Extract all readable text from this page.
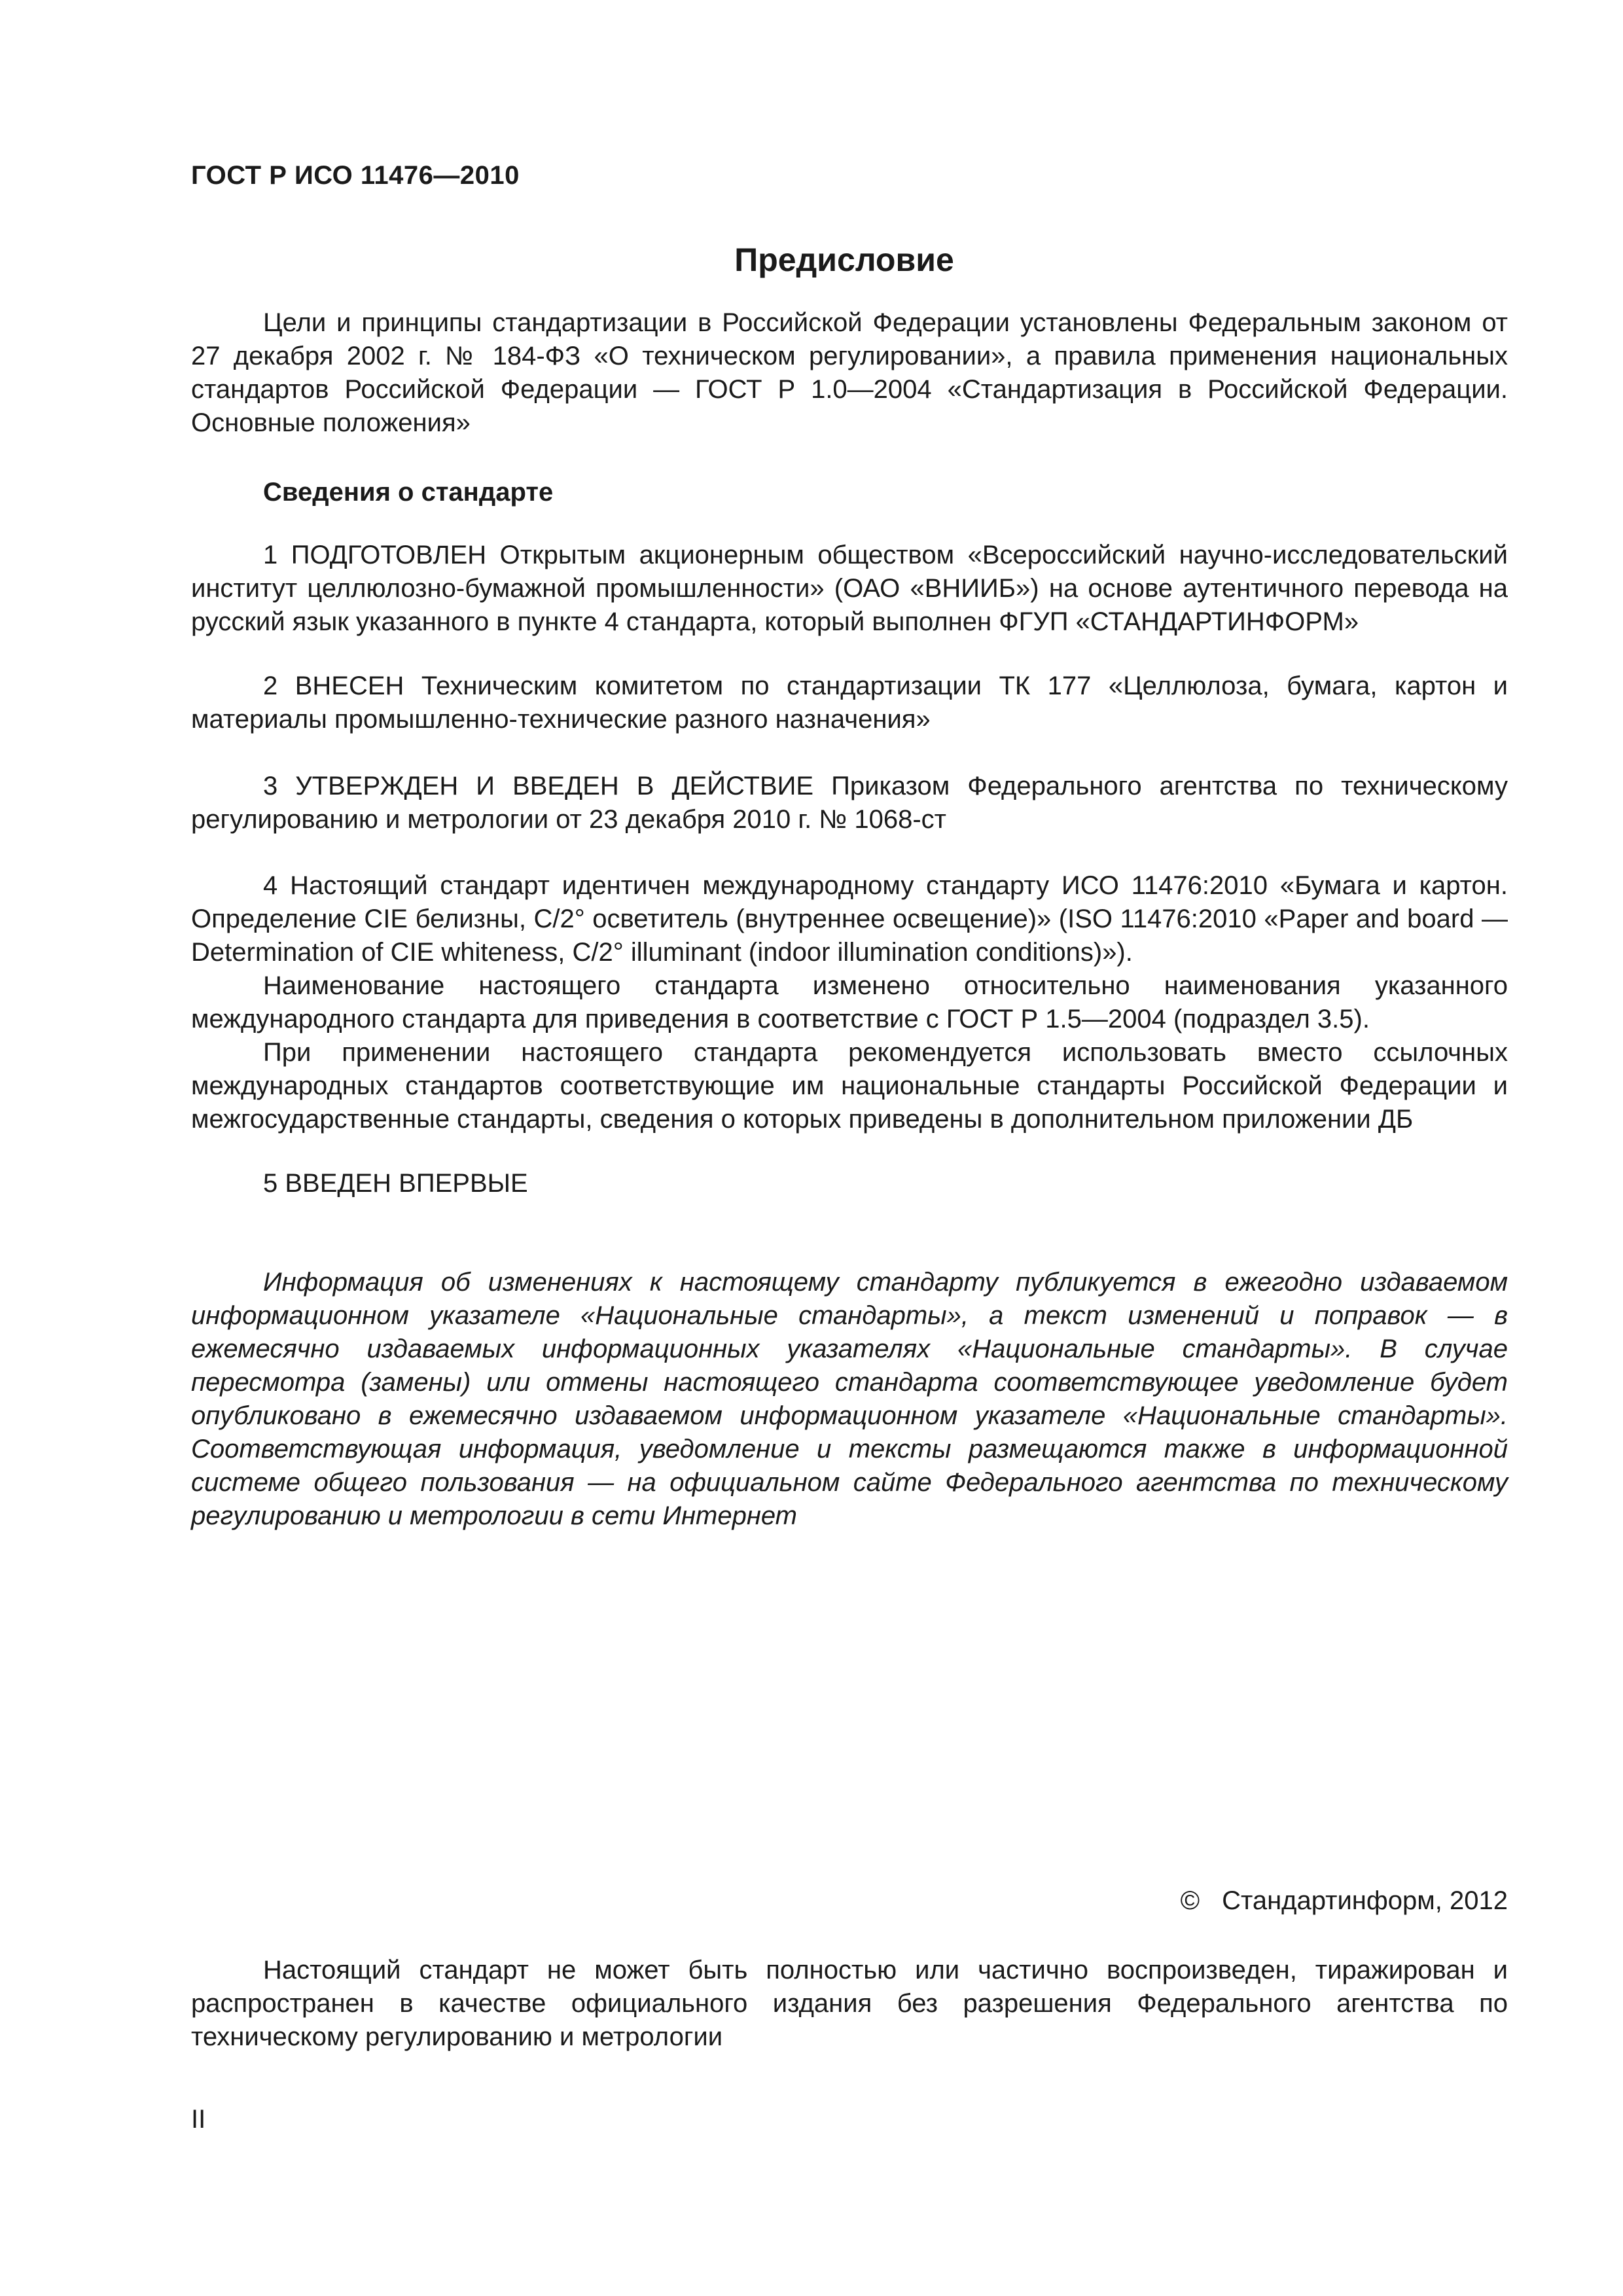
ГОСТ Р ИСО 11476—2010
Предисловие

Цели и принципы стандартизации в Российской Федерации установлены Федеральным законом от 27 декабря 2002 г. № 184-ФЗ «О техническом регулировании», а правила применения национальных стандартов Российской Федерации — ГОСТ Р 1.0—2004 «Стандартизация в Российской Федерации. Основные положения»

Сведения о стандарте

1 ПОДГОТОВЛЕН Открытым акционерным обществом «Всероссийский научно-исследовательский институт целлюлозно-бумажной промышленности» (ОАО «ВНИИБ») на основе аутентичного перевода на русский язык указанного в пункте 4 стандарта, который выполнен ФГУП «СТАНДАРТИНФОРМ»

2 ВНЕСЕН Техническим комитетом по стандартизации ТК 177 «Целлюлоза, бумага, картон и материалы промышленно-технические разного назначения»

3 УТВЕРЖДЕН И ВВЕДЕН В ДЕЙСТВИЕ Приказом Федерального агентства по техническому регулированию и метрологии от 23 декабря 2010 г. № 1068-ст

4 Настоящий стандарт идентичен международному стандарту ИСО 11476:2010 «Бумага и картон. Определение CIE белизны, C/2° осветитель (внутреннее освещение)» (ISO 11476:2010 «Paper and board — Determination of CIE whiteness, C/2° illuminant (indoor illumination conditions)»).

Наименование настоящего стандарта изменено относительно наименования указанного международного стандарта для приведения в соответствие с ГОСТ Р 1.5—2004 (подраздел 3.5).

При применении настоящего стандарта рекомендуется использовать вместо ссылочных международных стандартов соответствующие им национальные стандарты Российской Федерации и межгосударственные стандарты, сведения о которых приведены в дополнительном приложении ДБ

5 ВВЕДЕН ВПЕРВЫЕ

Информация об изменениях к настоящему стандарту публикуется в ежегодно издаваемом информационном указателе «Национальные стандарты», а текст изменений и поправок — в ежемесячно издаваемых информационных указателях «Национальные стандарты». В случае пересмотра (замены) или отмены настоящего стандарта соответствующее уведомление будет опубликовано в ежемесячно издаваемом информационном указателе «Национальные стандарты». Соответствующая информация, уведомление и тексты размещаются также в информационной системе общего пользования — на официальном сайте Федерального агентства по техническому регулированию и метрологии в сети Интернет

© Стандартинформ, 2012

Настоящий стандарт не может быть полностью или частично воспроизведен, тиражирован и распространен в качестве официального издания без разрешения Федерального агентства по техническому регулированию и метрологии

II
